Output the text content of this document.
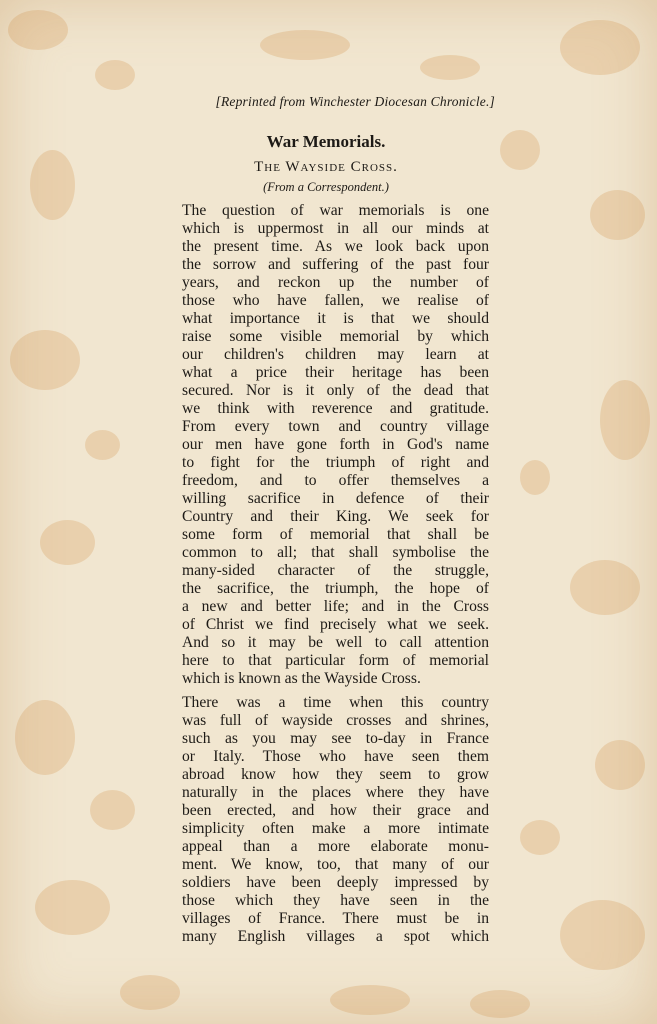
[Reprinted from Winchester Diocesan Chronicle.]
War Memorials.
The Wayside Cross.
(From a Correspondent.)

The question of war memorials is one
which is uppermost in all our minds at
the present time. As we look back upon
the sorrow and suffering of the past four
years, and reckon up the number of
those who have fallen, we realise of
what importance it is that we should
raise some visible memorial by which
our children's children may learn at
what a price their heritage has been
secured. Nor is it only of the dead that
we think with reverence and gratitude.
From every town and country village
our men have gone forth in God's name
to fight for the triumph of right and
freedom, and to offer themselves a
willing sacrifice in defence of their
Country and their King. We seek for
some form of memorial that shall be
common to all; that shall symbolise the
many-sided character of the struggle,
the sacrifice, the triumph, the hope of
a new and better life; and in the Cross
of Christ we find precisely what we seek.
And so it may be well to call attention
here to that particular form of memorial
which is known as the Wayside Cross.

There was a time when this country
was full of wayside crosses and shrines,
such as you may see to-day in France
or Italy. Those who have seen them
abroad know how they seem to grow
naturally in the places where they have
been erected, and how their grace and
simplicity often make a more intimate
appeal than a more elaborate monu-
ment. We know, too, that many of our
soldiers have been deeply impressed by
those which they have seen in the
villages of France. There must be in
many English villages a spot which
